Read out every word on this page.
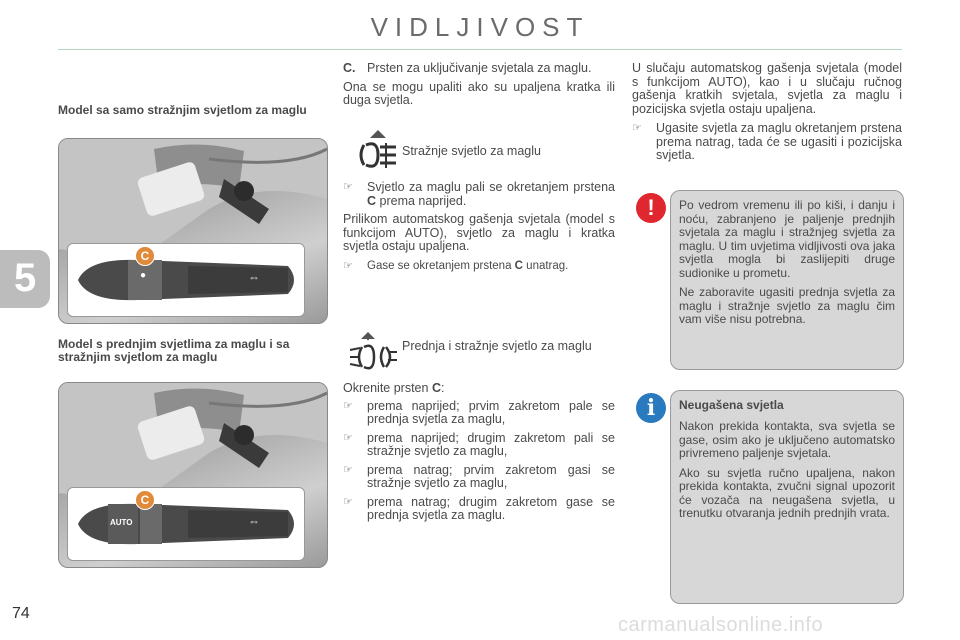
VIDLJIVOST
5
Model sa samo stražnjim svjetlom za maglu
●	⇔
C
Model s prednjim svjetlima za maglu i sa stražnjim svjetlom za maglu
AUTO	⇔
C
C. Prsten za uključivanje svjetala za maglu.

Ona se mogu upaliti ako su upaljena kratka ili duga svjetla.

Stražnje svjetlo za maglu
☞	Svjetlo za maglu pali se okretanjem prstena C prema naprijed.

Prilikom automatskog gašenja svjetala (model s funkcijom AUTO), svjetlo za maglu i kratka svjetla ostaju upaljena.

☞	Gase se okretanjem prstena C unatrag.
Prednja i stražnje svjetlo za maglu

Okrenite prsten C:

☞	prema naprijed; prvim zakretom pale se prednja svjetla za maglu,
☞	prema naprijed; drugim zakretom pali se stražnje svjetlo za maglu,
☞	prema natrag; prvim zakretom gasi se stražnje svjetlo za maglu,
☞	prema natrag; drugim zakretom gase se prednja svjetla za maglu.

U slučaju automatskog gašenja svjetala (model s funkcijom AUTO), kao i u slučaju ručnog gašenja kratkih svjetala, svjetla za maglu i pozicijska svjetla ostaju upaljena.

☞	Ugasite svjetla za maglu okretanjem prstena prema natrag, tada će se ugasiti i pozicijska svjetla.

Po vedrom vremenu ili po kiši, i danju i noću, zabranjeno je paljenje prednjih svjetala za maglu i stražnjeg svjetla za maglu. U tim uvjetima vidljivosti ova jaka svjetla mogla bi zaslijepiti druge sudionike u prometu.

Ne zaboravite ugasiti prednja svjetla za maglu i stražnje svjetlo za maglu čim vam više nisu potrebna.

!
Neugašena svjetla

Nakon prekida kontakta, sva svjetla se gase, osim ako je uključeno automatsko privremeno paljenje svjetala.

Ako su svjetla ručno upaljena, nakon prekida kontakta, zvučni signal upozorit će vozača na neugašena svjetla, u trenutku otvaranja jednih prednjih vrata.

i
74
carmanualsonline.info
